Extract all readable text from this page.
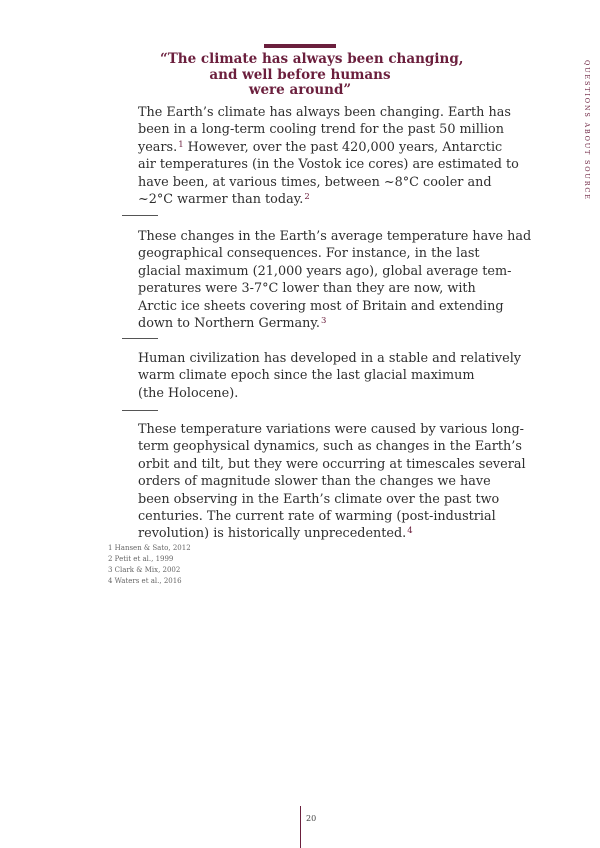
“The climate has always been changing,
and well before humans
were around”	QUESTIONS ABOUT SOURCE
The Earth’s climate has always been changing. Earth has
been in a long-term cooling trend for the past 50 million
years.$^1$ However, over the past 420,000 years, Antarctic
air temperatures (in the Vostok ice cores) are estimated to
have been, at various times, between ~8°C cooler and
~2°C warmer than today.$^2$
These changes in the Earth’s average temperature have had
geographical consequences. For instance, in the last
glacial maximum (21,000 years ago), global average tem-
peratures were 3-7°C lower than they are now, with
Arctic ice sheets covering most of Britain and extending
down to Northern Germany.$^3$
Human civilization has developed in a stable and relatively
warm climate epoch since the last glacial maximum
(the Holocene).
These temperature variations were caused by various long-
term geophysical dynamics, such as changes in the Earth’s
orbit and tilt, but they were occurring at timescales several
orders of magnitude slower than the changes we have
been observing in the Earth’s climate over the past two
centuries. The current rate of warming (post-industrial
revolution) is historically unprecedented.$^4$
1 Hansen & Sato, 2012
2 Petit et al., 1999
3 Clark & Mix, 2002
4 Waters et al., 2016
20
